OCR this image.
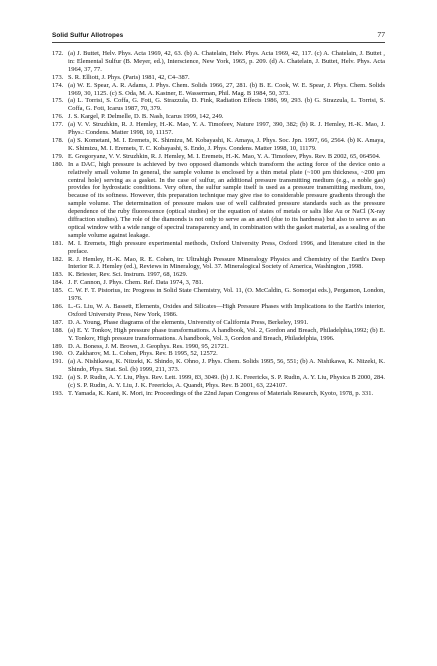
Solid Sulfur Allotropes	77
172. (a) J. Buttet, Helv. Phys. Acta 1969, 42, 63. (b) A. Chatelain, Helv. Phys. Acta 1969, 42, 117. (c) A. Chatelain, J. Buttet , in: Elemental Sulfur (B. Meyer, ed.), Interscience, New York, 1965, p. 209. (d) A. Chatelain, J. Buttet, Helv. Phys. Acta 1964, 37, 77.
173. S. R. Elliott, J. Phys. (Paris) 1981, 42, C4–387.
174. (a) W. E. Spear, A. R. Adams, J. Phys. Chem. Solids 1966, 27, 281. (b) B. E. Cook, W. E. Spear, J. Phys. Chem. Solids 1969, 30, 1125. (c) S. Oda, M. A. Kastner, E. Wasserman, Phil. Mag. B 1984, 50, 373.
175. (a) L. Torrisi, S. Coffa, G. Foti, G. Strazzula, D. Fink, Radiation Effects 1986, 99, 293. (b) G. Strazzula, L. Torrisi, S. Coffa, G. Foti, Icarus 1987, 70, 379.
176. J. S. Kargel, P. Delmelle, D. B. Nash, Icarus 1999, 142, 249.
177. (a) V. V. Struzhkin, R. J. Hemley, H.-K. Mao, Y. A. Timofeev, Nature 1997, 390, 382; (b) R. J. Hemley, H.-K. Mao, J. Phys.: Condens. Matter 1998, 10, 11157.
178. (a) S. Kometani, M. I. Eremets, K. Shimizu, M. Kobayashi, K. Amaya, J. Phys. Soc. Jpn. 1997, 66, 2564. (b) K. Amaya, K. Shimizu, M. I. Eremets, T. C. Kobayashi, S. Endo, J. Phys. Condens. Matter 1998, 10, 11179.
179. E. Gregoryanz, V. V. Struzhkin, R. J. Hemley, M. I. Eremets, H.-K. Mao, Y. A. Timofeev, Phys. Rev. B 2002, 65, 064504.
180. In a DAC, high pressure is achieved by two opposed diamonds which transform the acting force of the device onto a relatively small volume In general, the sample volume is enclosed by a thin metal plate (~100 μm thickness, ~200 μm central hole) serving as a gasket. In the case of sulfur, an additional pressure transmitting medium (e.g., a noble gas) provides for hydrostatic conditions. Very often, the sulfur sample itself is used as a pressure transmitting medium, too, because of its softness. However, this preparation technique may give rise to considerable pressure gradients through the sample volume. The determination of pressure makes use of well calibrated pressure standards such as the pressure dependence of the ruby fluorescence (optical studies) or the equation of states of metals or salts like Au or NaCl (X-ray diffraction studies). The role of the diamonds is not only to serve as an anvil (due to its hardness) but also to serve as an optical window with a wide range of spectral transparency and, in combination with the gasket material, as a sealing of the sample volume against leakage.
181. M. I. Eremets, High pressure experimental methods, Oxford University Press, Oxford 1996, and literature cited in the preface.
182. R. J. Hemley, H.-K. Mao, R. E. Cohen, in: Ultrahigh Pressure Mineralogy Physics and Chemistry of the Earth's Deep Interior R. J. Hemley (ed.), Reviews in Mineralogy, Vol. 37. Mineralogical Society of America, Washington ,1998.
183. K. Briester, Rev. Sci. Instrum. 1997, 68, 1629.
184. J. F. Cannon, J. Phys. Chem. Ref. Data 1974, 3, 781.
185. C. W. F. T. Pistorius, in: Progress in Solid State Chemistry, Vol. 11, (O. McCaldin, G. Somorjai eds.), Pergamon, London, 1976.
186. L.-G. Liu, W. A. Bassett, Elements, Oxides and Silicates—High Pressure Phases with Implications to the Earth's interior, Oxford University Press, New York, 1986.
187. D. A. Young, Phase diagrams of the elements, University of California Press, Berkeley, 1991.
188. (a) E. Y. Tonkov, High pressure phase transformations. A handbook, Vol. 2, Gordon and Breach, Philadelphia,1992; (b) E. Y. Tonkov, High pressure transformations. A handbook, Vol. 3, Gordon and Breach, Philadelphia, 1996.
189. D. A. Boness, J. M. Brown, J. Geophys. Res. 1990, 95, 21721.
190. O. Zakharov, M. L. Cohen, Phys. Rev. B 1995, 52, 12572.
191. (a) A. Nishikawa, K. Niizeki, K. Shindo, K. Ohno, J. Phys. Chem. Solids 1995, 56, 551; (b) A. Nishikawa, K. Niizeki, K. Shindo, Phys. Stat. Sol. (b) 1999, 211, 373.
192. (a) S. P. Rudin, A. Y. Liu, Phys. Rev. Lett. 1999, 83, 3049. (b) J. K. Freericks, S. P. Rudin, A. Y. Liu, Physica B 2000, 284. (c) S. P. Rudin, A. Y. Liu, J. K. Freericks, A. Quandt, Phys. Rev. B 2001, 63, 224107.
193. T. Yamada, K. Kani, K. Mori, in: Proceedings of the 22nd Japan Congress of Materials Research, Kyoto, 1978, p. 331.
